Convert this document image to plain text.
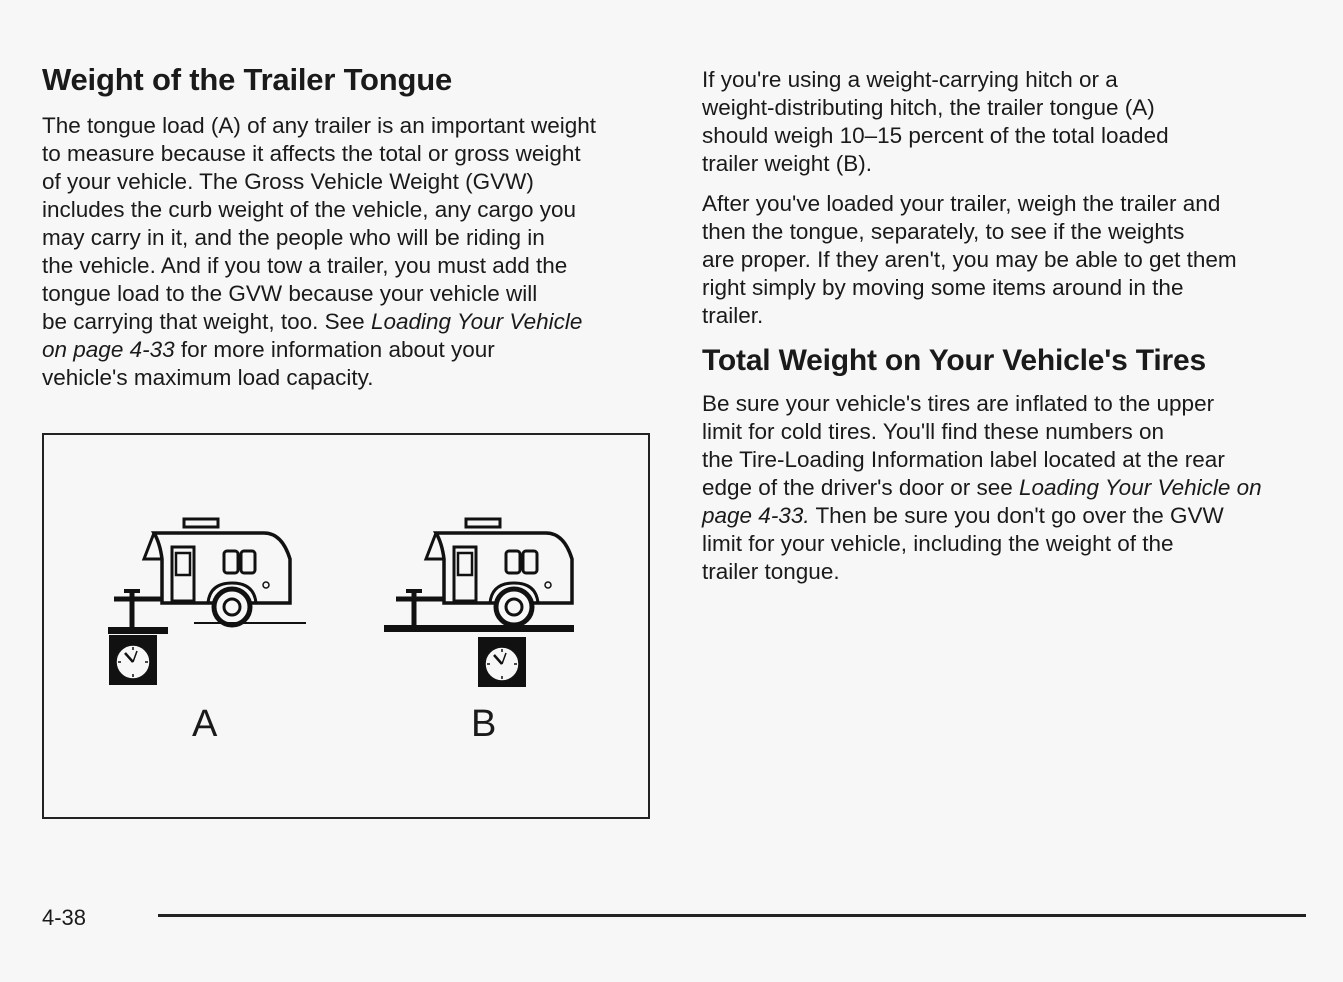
Weight of the Trailer Tongue

The tongue load (A) of any trailer is an important weight
to measure because it affects the total or gross weight
of your vehicle. The Gross Vehicle Weight (GVW)
includes the curb weight of the vehicle, any cargo you
may carry in it, and the people who will be riding in
the vehicle. And if you tow a trailer, you must add the
tongue load to the GVW because your vehicle will
be carrying that weight, too. See Loading Your Vehicle
on page 4-33 for more information about your
vehicle's maximum load capacity.

A	B

If you're using a weight-carrying hitch or a
weight-distributing hitch, the trailer tongue (A)
should weigh 10–15 percent of the total loaded
trailer weight (B).

After you've loaded your trailer, weigh the trailer and
then the tongue, separately, to see if the weights
are proper. If they aren't, you may be able to get them
right simply by moving some items around in the
trailer.

Total Weight on Your Vehicle's Tires

Be sure your vehicle's tires are inflated to the upper
limit for cold tires. You'll find these numbers on
the Tire-Loading Information label located at the rear
edge of the driver's door or see Loading Your Vehicle on
page 4-33. Then be sure you don't go over the GVW
limit for your vehicle, including the weight of the
trailer tongue.

4-38
